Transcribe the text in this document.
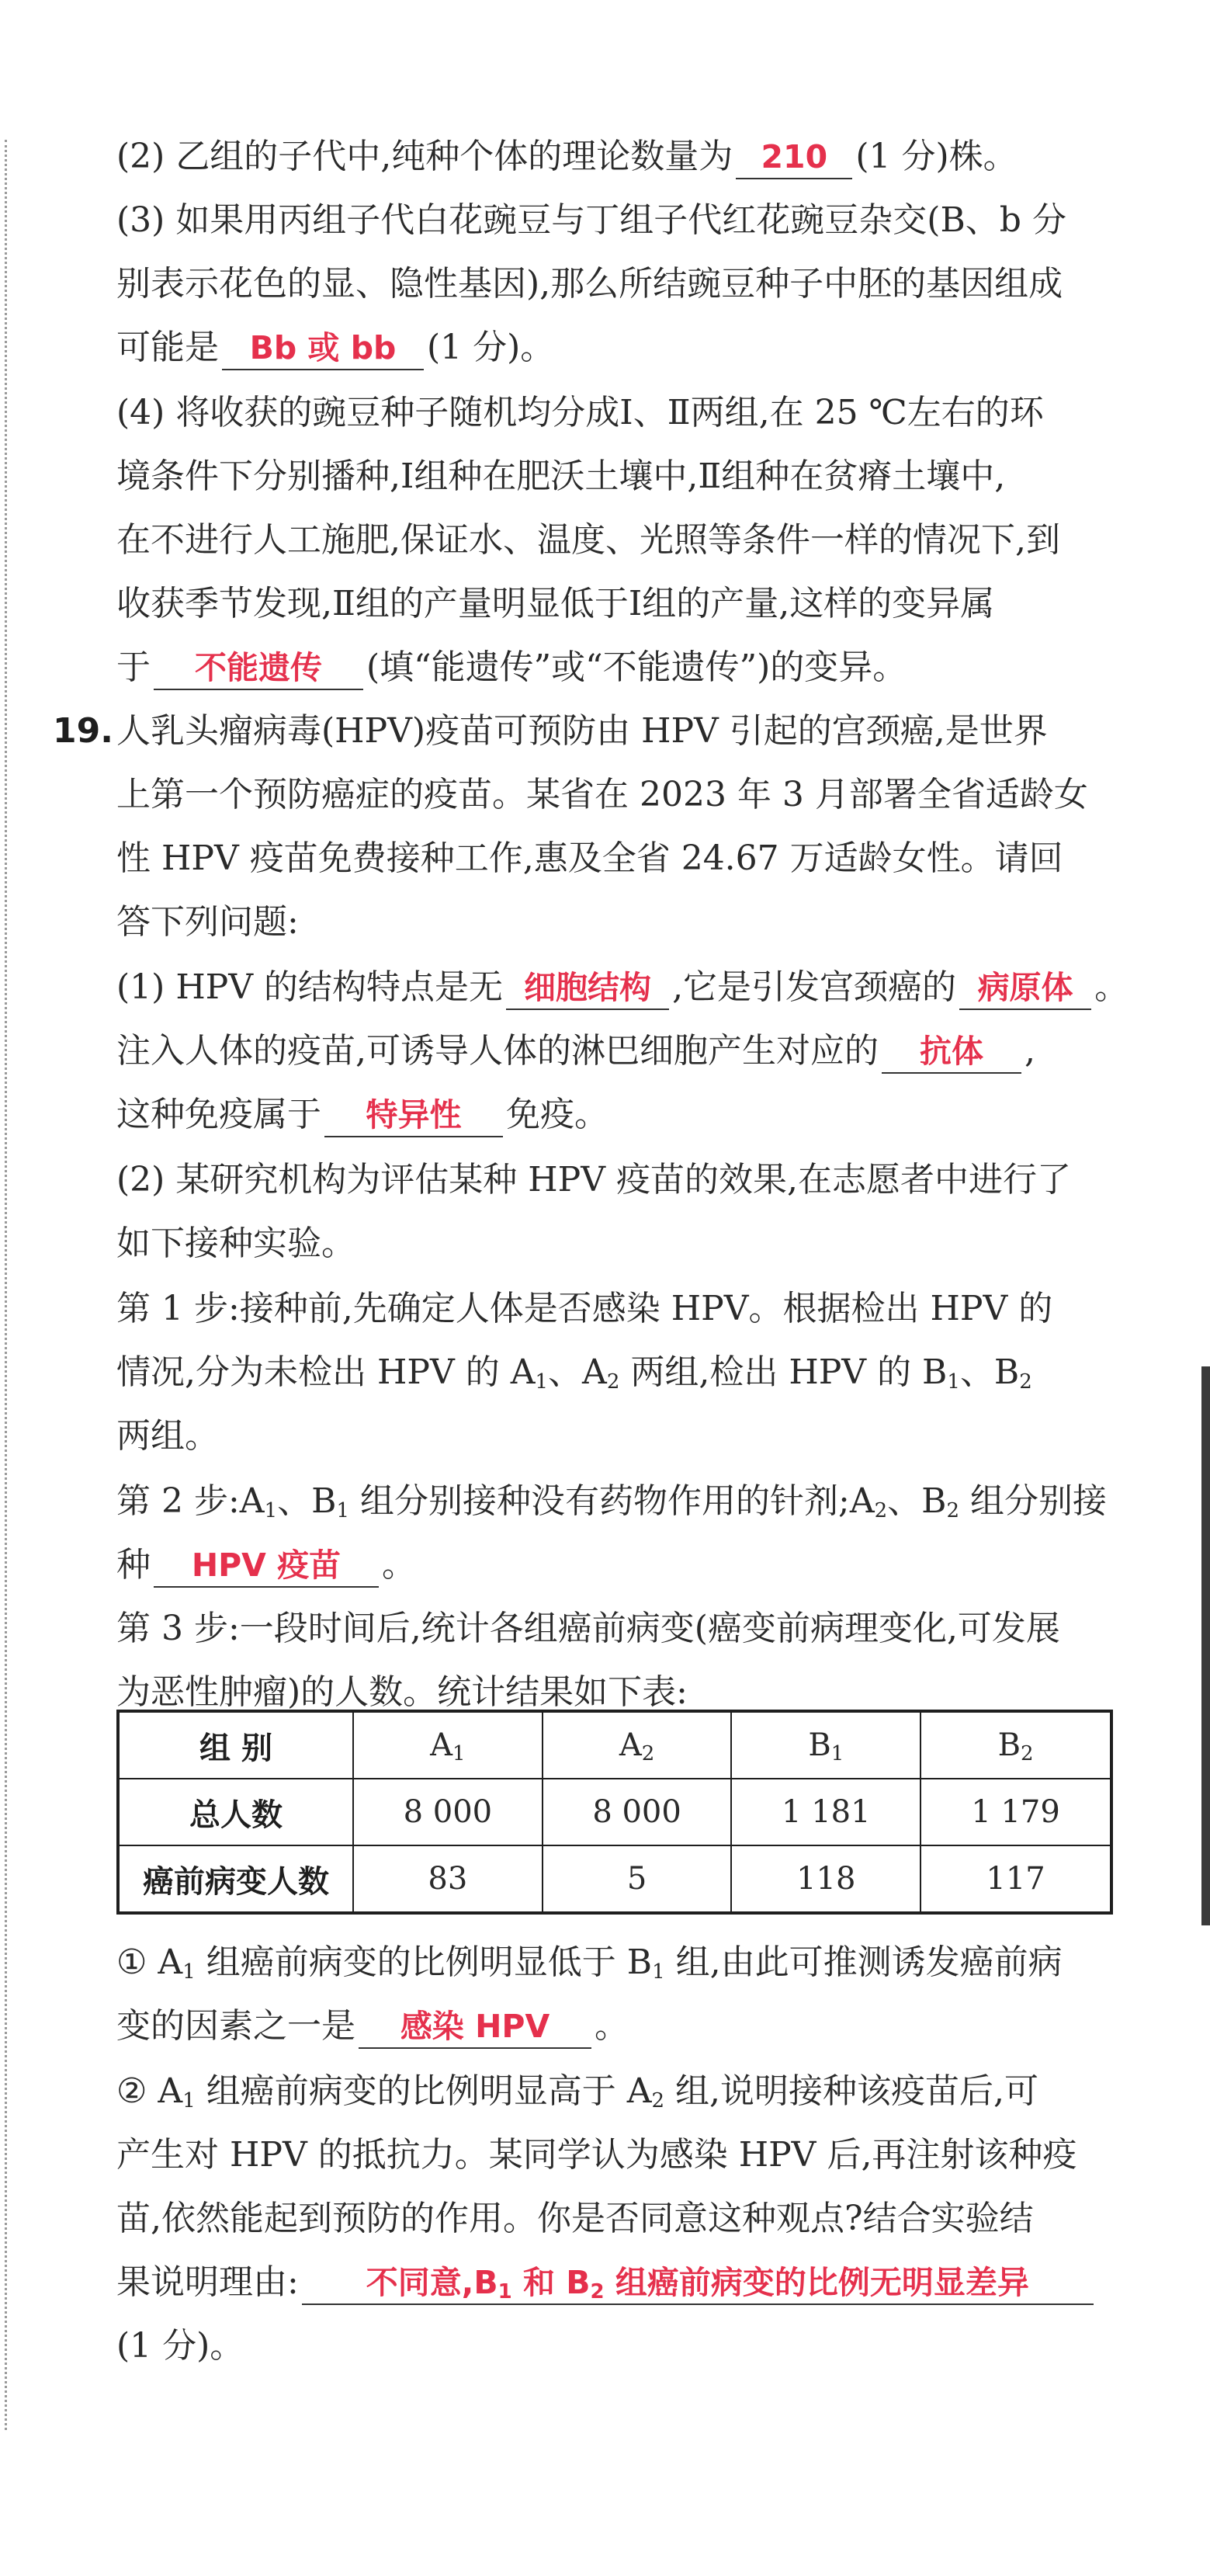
(2) 乙组的子代中,纯种个体的理论数量为 210 (1 分)株。
(3) 如果用丙组子代白花豌豆与丁组子代红花豌豆杂交(B、b 分
别表示花色的显、隐性基因),那么所结豌豆种子中胚的基因组成
可能是 Bb 或 bb (1 分)。
(4) 将收获的豌豆种子随机均分成Ⅰ、Ⅱ两组,在 25 ℃左右的环
境条件下分别播种,Ⅰ组种在肥沃土壤中,Ⅱ组种在贫瘠土壤中,
在不进行人工施肥,保证水、温度、光照等条件一样的情况下,到
收获季节发现,Ⅱ组的产量明显低于Ⅰ组的产量,这样的变异属
于 不能遗传 (填“能遗传”或“不能遗传”)的变异。
19. 人乳头瘤病毒(HPV)疫苗可预防由 HPV 引起的宫颈癌,是世界
上第一个预防癌症的疫苗。某省在 2023 年 3 月部署全省适龄女
性 HPV 疫苗免费接种工作,惠及全省 24.67 万适龄女性。请回
答下列问题:
(1) HPV 的结构特点是无 细胞结构 ,它是引发宫颈癌的 病原体 。
注入人体的疫苗,可诱导人体的淋巴细胞产生对应的 抗体 ,
这种免疫属于 特异性 免疫。
(2) 某研究机构为评估某种 HPV 疫苗的效果,在志愿者中进行了
如下接种实验。
第 1 步:接种前,先确定人体是否感染 HPV。根据检出 HPV 的
情况,分为未检出 HPV 的 $A_1$、$A_2$ 两组,检出 HPV 的 $B_1$、$B_2$
两组。
第 2 步$:A_1$、$B_1$ 组分别接种没有药物作用的针剂$;A_2$、$B_2$ 组分别接
种 HPV 疫苗 。
第 3 步:一段时间后,统计各组癌前病变(癌变前病理变化,可发展
为恶性肿瘤)的人数。统计结果如下表:
组 别	$A_1$	$A_2$	$B_1$	$B_2$
总人数	8 000	8 000	1 181	1 179
癌前病变人数	83	5	118	117
① $A_1$ 组癌前病变的比例明显低于 $B_1$ 组,由此可推测诱发癌前病
变的因素之一是 感染 HPV 。
② $A_1$ 组癌前病变的比例明显高于 $A_2$ 组,说明接种该疫苗后,可
产生对 HPV 的抵抗力。某同学认为感染 HPV 后,再注射该种疫
苗,依然能起到预防的作用。你是否同意这种观点?结合实验结
果说明理由: 不同意$,B_1$ 和 $B_2$ 组癌前病变的比例无明显差异
(1 分)。
